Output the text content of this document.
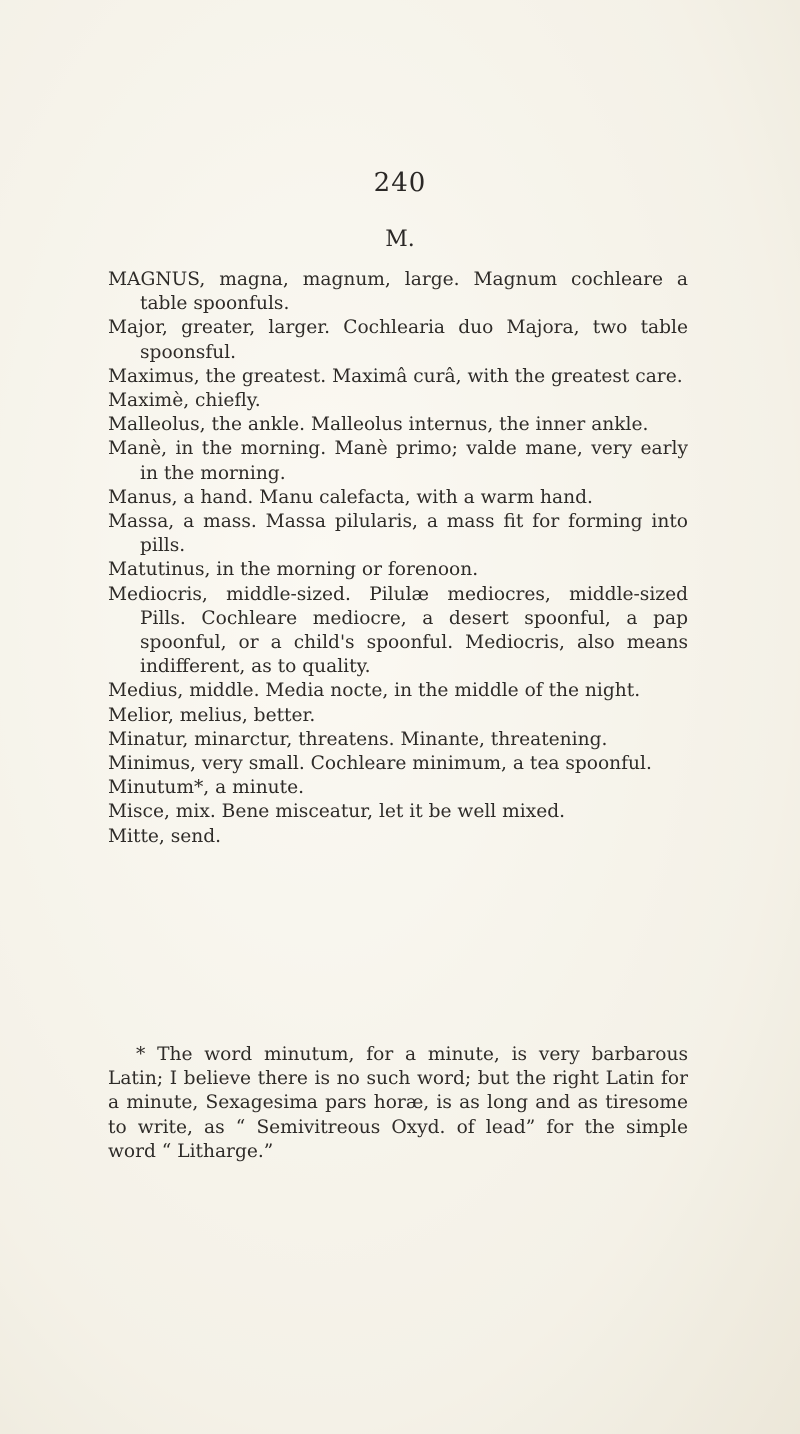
240
M.

MAGNUS, magna, magnum, large. Magnum cochleare a table spoonfuls.

Major, greater, larger. Cochlearia duo Majora, two table spoonsful.

Maximus, the greatest. Maximâ curâ, with the greatest care.

Maximè, chiefly.

Malleolus, the ankle. Malleolus internus, the inner ankle.

Manè, in the morning. Manè primo; valde mane, very early in the morning.

Manus, a hand. Manu calefacta, with a warm hand.

Massa, a mass. Massa pilularis, a mass fit for forming into pills.

Matutinus, in the morning or forenoon.

Mediocris, middle-sized. Pilulæ mediocres, middle-sized Pills. Cochleare mediocre, a desert spoonful, a pap spoonful, or a child's spoonful. Mediocris, also means indifferent, as to quality.

Medius, middle. Media nocte, in the middle of the night.

Melior, melius, better.

Minatur, minarctur, threatens. Minante, threatening.

Minimus, very small. Cochleare minimum, a tea spoonful.

Minutum*, a minute.

Misce, mix. Bene misceatur, let it be well mixed.

Mitte, send.

* The word minutum, for a minute, is very barbarous Latin; I believe there is no such word; but the right Latin for a minute, Sexagesima pars horæ, is as long and as tiresome to write, as “ Semivitreous Oxyd. of lead” for the simple word “ Litharge.”
